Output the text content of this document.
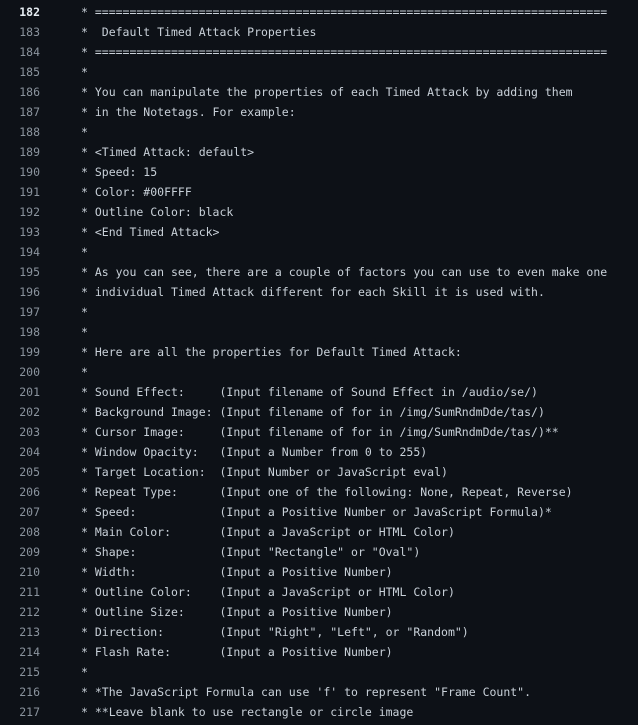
182	* ==========================================================================
183	*  Default Timed Attack Properties
184	* ==========================================================================
185	*
186	* You can manipulate the properties of each Timed Attack by adding them
187	* in the Notetags. For example:
188	*
189	* <Timed Attack: default>
190	* Speed: 15
191	* Color: #00FFFF
192	* Outline Color: black
193	* <End Timed Attack>
194	*
195	* As you can see, there are a couple of factors you can use to even make one
196	* individual Timed Attack different for each Skill it is used with.
197	*
198	*
199	* Here are all the properties for Default Timed Attack:
200	*
201	* Sound Effect:     (Input filename of Sound Effect in /audio/se/)
202	* Background Image: (Input filename of for in /img/SumRndmDde/tas/)
203	* Cursor Image:     (Input filename of for in /img/SumRndmDde/tas/)**
204	* Window Opacity:   (Input a Number from 0 to 255)
205	* Target Location:  (Input Number or JavaScript eval)
206	* Repeat Type:      (Input one of the following: None, Repeat, Reverse)
207	* Speed:            (Input a Positive Number or JavaScript Formula)*
208	* Main Color:       (Input a JavaScript or HTML Color)
209	* Shape:            (Input "Rectangle" or "Oval")
210	* Width:            (Input a Positive Number)
211	* Outline Color:    (Input a JavaScript or HTML Color)
212	* Outline Size:     (Input a Positive Number)
213	* Direction:        (Input "Right", "Left", or "Random")
214	* Flash Rate:       (Input a Positive Number)
215	*
216	* *The JavaScript Formula can use 'f' to represent "Frame Count".
217	* **Leave blank to use rectangle or circle image
